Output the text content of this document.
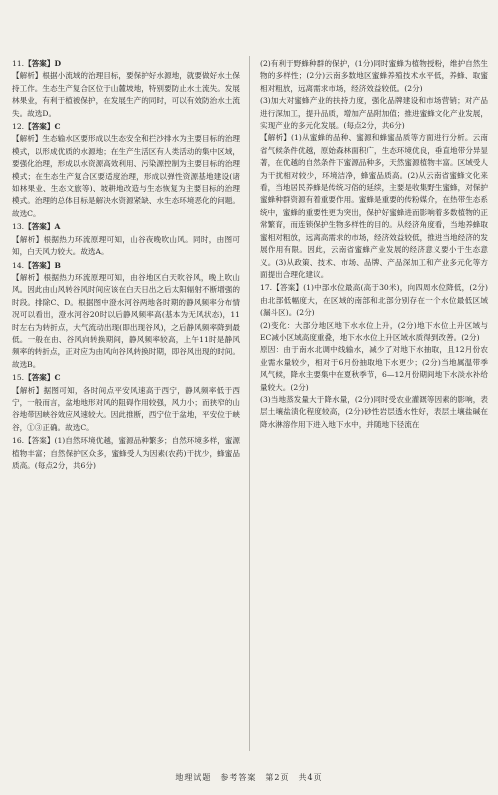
11.【答案】D

【解析】根据小流域的治理目标，要保护好水源地，就要做好水土保持工作。生态生产复合区位于山麓坡地，特别要防止水土流失。发展林果业，有利于植被保护，在发展生产的同时，可以有效防治水土流失。故选D。

12.【答案】C

【解析】生态输水区要形成以生态安全和拦沙排水为主要目标的治理模式，以形成优质的水源地；在生产生活区有人类活动的集中区域，要强化治理，形成以水资源高效利用、污染源控制为主要目标的治理模式；在生态生产复合区要适度治理，形成以弹性资源基地建设(诸如林果业、生态文旅等)、坡耕地改造与生态恢复为主要目标的治理模式。治理的总体目标是解决水资源紧缺、水生态环境恶化的问题。故选C。

13.【答案】A

【解析】根据热力环流原理可知，山谷夜晚吹山风。同时，由图可知，白天风力较大。故选A。

14.【答案】B

【解析】根据热力环流原理可知，由谷地区白天吹谷风，晚上吹山风。因此由山风转谷风时间应该在白天日出之后太阳辐射不断增强的时段。排除C、D。根据图中澄水河谷两地各时期的静风频率分布情况可以看出，澄水河谷20时以后静风频率高(基本为无风状态)，11时左右为转折点，大气流动出现(即出现谷风)，之后静风频率降到最低。一般在由、谷风向转换期间，静风频率较高，上午11时是静风频率的转折点，正对应为由风向谷风转换时期，即谷风出现的时间。故选B。

15.【答案】C

【解析】据图可知，各时间点平安风速高于西宁，静风频率低于西宁，一般而言，盆地地形对风的阻碍作用较强，风力小；而狭窄的山谷地带因峡谷效应风速较大。因此推断，西宁位于盆地，平安位于峡谷，①③正确。故选C。

16.【答案】(1)自然环境优越，蜜源品种繁多；自然环境多样，蜜源植物丰富；自然保护区众多，蜜蜂受人为因素(农药)干扰少，蜂蜜品质高。(每点2分，共6分)

(2)有利于野蜂种群的保护，(1分)同时蜜蜂为植物授粉，维护自然生物的多样性；(2分)云南多数地区蜜蜂养殖技术水平低，养蜂、取蜜相对粗放，远离需求市场，经济效益较低。(2分)

(3)加大对蜜蜂产业的扶持力度，强化品牌建设和市场营销；对产品进行深加工，提升品质，增加产品附加值；推进蜜蜂文化产业发展，实现产业的多元化发展。(每点2分，共6分)

【解析】(1)从蜜蜂的品种、蜜源和蜂蜜品质等方面进行分析。云南省气候条件优越，原始森林面积广，生态环境优良，垂直地带分异显著，在优越的自然条件下蜜源品种多，天然蜜源植物丰富。区域受人为干扰相对较少，环境洁净，蜂蜜品质高。(2)从云南省蜜蜂文化来看，当地居民养蜂是传统习俗的延续，主要是收集野生蜜蜂，对保护蜜蜂种群资源有着重要作用。蜜蜂是重要的传粉媒介，在热带生态系统中，蜜蜂的重要性更为突出，保护好蜜蜂进而影响着多数植物的正常繁育，而连锁保护生物多样性的目的。从经济角度看，当地养蜂取蜜相对粗放，远离高需求的市场，经济效益较低，推进当地经济的发展作用有限。因此，云南省蜜蜂产业发展的经济意义要小于生态意义。(3)从政策、技术、市场、品牌、产品深加工和产业多元化等方面提出合理化建议。

17.【答案】(1)中部水位最高(高于30米)，向四周水位降低，(2分)由北部低幅度大，在区域的南部和北部分别存在一个水位最低区域(漏斗区)。(2分)

(2)变化：大部分地区地下水水位上升，(2分)地下水位上升区域与EC减小区域高度重叠，地下水水位上升区域水质得到改善。(2分)

原因：由于南水北调中线输水，减少了对地下水抽取，且12月份农业需水量较少，相对于6月份抽取地下水更少；(2分)当地属温带季风气候，降水主要集中在夏秋季节，6—12月份期间地下水淡水补给量较大。(2分)

(3)当地蒸发量大于降水量，(2分)同时受农业灌溉等因素的影响，表层土壤盐渍化程度较高，(2分)砂性岩层透水性好，表层土壤盐碱在降水淋溶作用下进入地下水中，并随地下径流在

地理试题　参考答案　第2页　共4页
